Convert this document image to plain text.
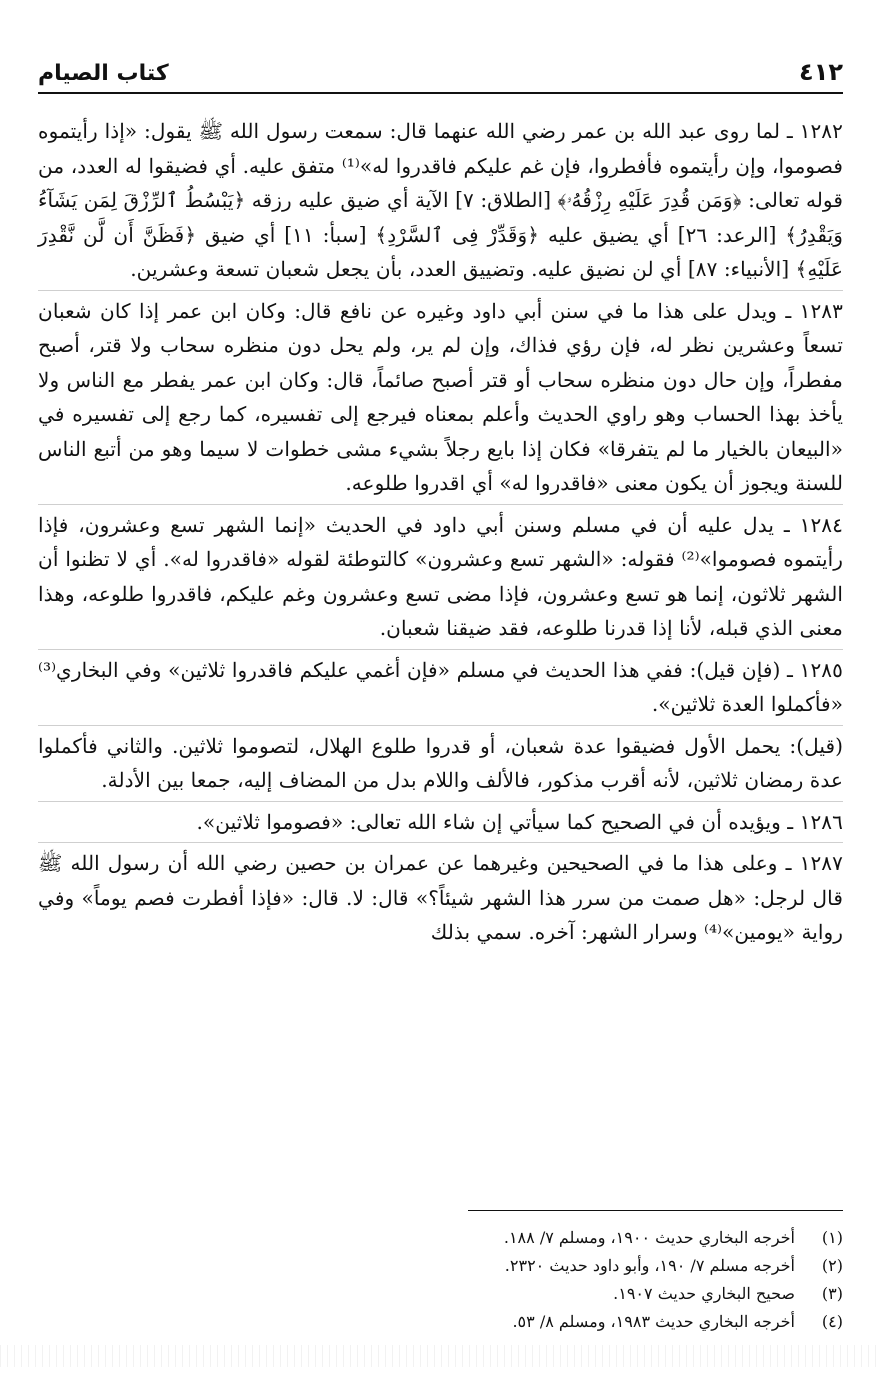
٤١٢
كتاب الصيام

١٢٨٢ ـ لما روى عبد الله بن عمر رضي الله عنهما قال: سمعت رسول الله ﷺ يقول: «إذا رأيتموه فصوموا، وإن رأيتموه فأفطروا، فإن غم عليكم فاقدروا له»⁽¹⁾ متفق عليه. أي فضيقوا له العدد، من قوله تعالى: ﴿وَمَن قُدِرَ عَلَيْهِ رِزْقُهُۥ﴾ [الطلاق: ٧] الآية أي ضيق عليه رزقه ﴿يَبْسُطُ ٱلرِّزْقَ لِمَن يَشَآءُ وَيَقْدِرُ﴾ [الرعد: ٢٦] أي يضيق عليه ﴿وَقَدِّرْ فِى ٱلسَّرْدِ﴾ [سبأ: ١١] أي ضيق ﴿فَظَنَّ أَن لَّن نَّقْدِرَ عَلَيْهِ﴾ [الأنبياء: ٨٧] أي لن نضيق عليه. وتضييق العدد، بأن يجعل شعبان تسعة وعشرين.

١٢٨٣ ـ ويدل على هذا ما في سنن أبي داود وغيره عن نافع قال: وكان ابن عمر إذا كان شعبان تسعاً وعشرين نظر له، فإن رؤي فذاك، وإن لم ير، ولم يحل دون منظره سحاب ولا قتر، أصبح مفطراً، وإن حال دون منظره سحاب أو قتر أصبح صائماً، قال: وكان ابن عمر يفطر مع الناس ولا يأخذ بهذا الحساب وهو راوي الحديث وأعلم بمعناه فيرجع إلى تفسيره، كما رجع إلى تفسيره في «البيعان بالخيار ما لم يتفرقا» فكان إذا بايع رجلاً بشيء مشى خطوات لا سيما وهو من أتبع الناس للسنة ويجوز أن يكون معنى «فاقدروا له» أي اقدروا طلوعه.

١٢٨٤ ـ يدل عليه أن في مسلم وسنن أبي داود في الحديث «إنما الشهر تسع وعشرون، فإذا رأيتموه فصوموا»⁽²⁾ فقوله: «الشهر تسع وعشرون» كالتوطئة لقوله «فاقدروا له». أي لا تظنوا أن الشهر ثلاثون، إنما هو تسع وعشرون، فإذا مضى تسع وعشرون وغم عليكم، فاقدروا طلوعه، وهذا معنى الذي قبله، لأنا إذا قدرنا طلوعه، فقد ضيقنا شعبان.

١٢٨٥ ـ (فإن قيل): ففي هذا الحديث في مسلم «فإن أغمي عليكم فاقدروا ثلاثين» وفي البخاري⁽³⁾ «فأكملوا العدة ثلاثين».

(قيل): يحمل الأول فضيقوا عدة شعبان، أو قدروا طلوع الهلال، لتصوموا ثلاثين. والثاني فأكملوا عدة رمضان ثلاثين، لأنه أقرب مذكور، فالألف واللام بدل من المضاف إليه، جمعا بين الأدلة.

١٢٨٦ ـ ويؤيده أن في الصحيح كما سيأتي إن شاء الله تعالى: «فصوموا ثلاثين».

١٢٨٧ ـ وعلى هذا ما في الصحيحين وغيرهما عن عمران بن حصين رضي الله أن رسول الله ﷺ قال لرجل: «هل صمت من سرر هذا الشهر شيئاً؟» قال: لا. قال: «فإذا أفطرت فصم يوماً» وفي رواية «يومين»⁽⁴⁾ وسرار الشهر: آخره. سمي بذلك

(١)
أخرجه البخاري حديث ١٩٠٠، ومسلم ٧/ ١٨٨.
(٢)
أخرجه مسلم ٧/ ١٩٠، وأبو داود حديث ٢٣٢٠.
(٣)
صحيح البخاري حديث ١٩٠٧.
(٤)
أخرجه البخاري حديث ١٩٨٣، ومسلم ٨/ ٥٣.
